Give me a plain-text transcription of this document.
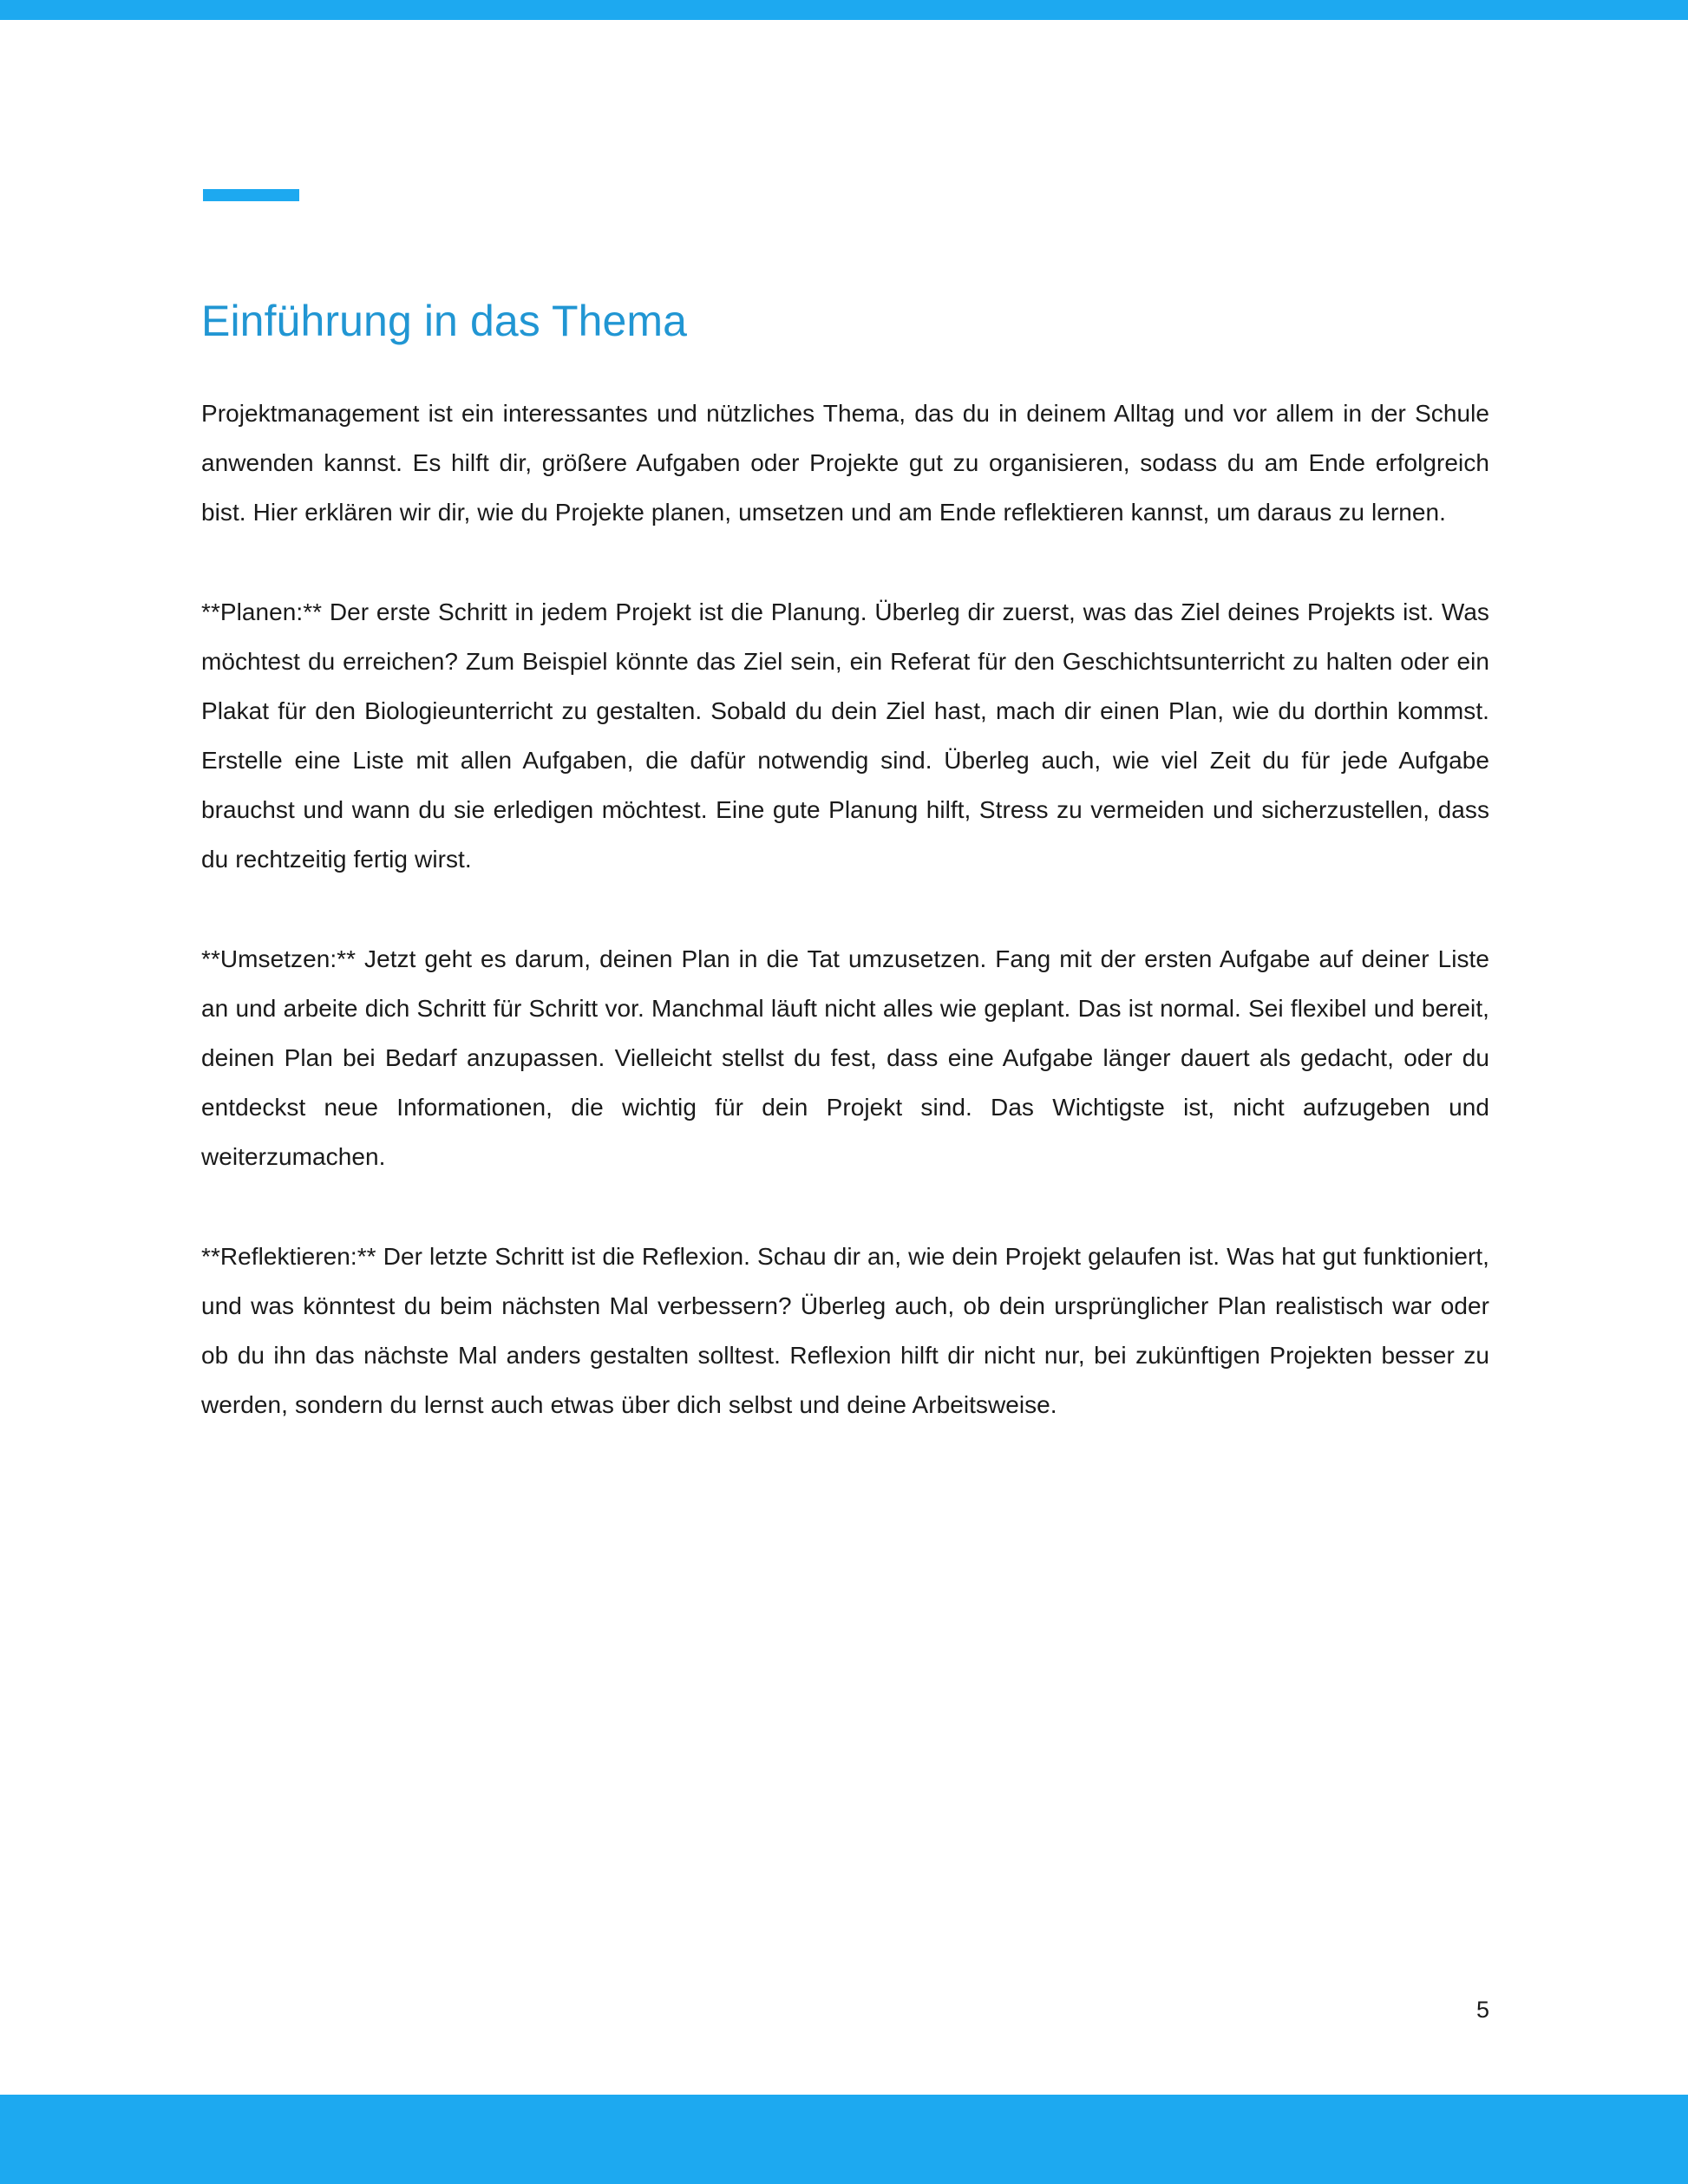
Einführung in das Thema

Projektmanagement ist ein interessantes und nützliches Thema, das du in deinem Alltag und vor allem in der Schule anwenden kannst. Es hilft dir, größere Aufgaben oder Projekte gut zu organisieren, sodass du am Ende erfolgreich bist. Hier erklären wir dir, wie du Projekte planen, umsetzen und am Ende reflektieren kannst, um daraus zu lernen.

**Planen:** Der erste Schritt in jedem Projekt ist die Planung. Überleg dir zuerst, was das Ziel deines Projekts ist. Was möchtest du erreichen? Zum Beispiel könnte das Ziel sein, ein Referat für den Geschichtsunterricht zu halten oder ein Plakat für den Biologieunterricht zu gestalten. Sobald du dein Ziel hast, mach dir einen Plan, wie du dorthin kommst. Erstelle eine Liste mit allen Aufgaben, die dafür notwendig sind. Überleg auch, wie viel Zeit du für jede Aufgabe brauchst und wann du sie erledigen möchtest. Eine gute Planung hilft, Stress zu vermeiden und sicherzustellen, dass du rechtzeitig fertig wirst.

**Umsetzen:** Jetzt geht es darum, deinen Plan in die Tat umzusetzen. Fang mit der ersten Aufgabe auf deiner Liste an und arbeite dich Schritt für Schritt vor. Manchmal läuft nicht alles wie geplant. Das ist normal. Sei flexibel und bereit, deinen Plan bei Bedarf anzupassen. Vielleicht stellst du fest, dass eine Aufgabe länger dauert als gedacht, oder du entdeckst neue Informationen, die wichtig für dein Projekt sind. Das Wichtigste ist, nicht aufzugeben und weiterzumachen.

**Reflektieren:** Der letzte Schritt ist die Reflexion. Schau dir an, wie dein Projekt gelaufen ist. Was hat gut funktioniert, und was könntest du beim nächsten Mal verbessern? Überleg auch, ob dein ursprünglicher Plan realistisch war oder ob du ihn das nächste Mal anders gestalten solltest. Reflexion hilft dir nicht nur, bei zukünftigen Projekten besser zu werden, sondern du lernst auch etwas über dich selbst und deine Arbeitsweise.

5
